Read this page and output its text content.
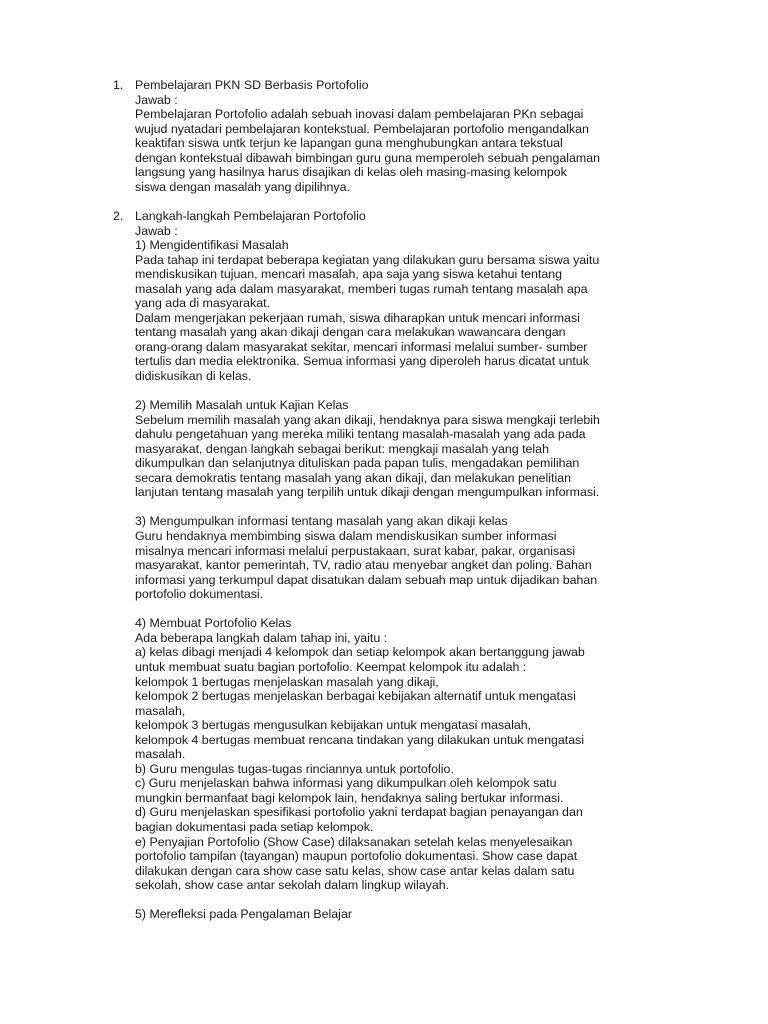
1. Pembelajaran PKN SD Berbasis Portofolio
Jawab :
Pembelajaran Portofolio adalah sebuah inovasi dalam pembelajaran PKn sebagai
wujud nyatadari pembelajaran kontekstual. Pembelajaran portofolio mengandalkan
keaktifan siswa untk terjun ke lapangan guna menghubungkan antara tekstual
dengan kontekstual dibawah bimbingan guru guna memperoleh sebuah pengalaman
langsung yang hasilnya harus disajikan di kelas oleh masing-masing kelompok
siswa dengan masalah yang dipilihnya.
2. Langkah-langkah Pembelajaran Portofolio
Jawab :
1) Mengidentifikasi Masalah
Pada tahap ini terdapat beberapa kegiatan yang dilakukan guru bersama siswa yaitu
mendiskusikan tujuan, mencari masalah, apa saja yang siswa ketahui tentang
masalah yang ada dalam masyarakat, memberi tugas rumah tentang masalah apa
yang ada di masyarakat.
Dalam mengerjakan pekerjaan rumah, siswa diharapkan untuk mencari informasi
tentang masalah yang akan dikaji dengan cara melakukan wawancara dengan
orang-orang dalam masyarakat sekitar, mencari informasi melalui sumber- sumber
tertulis dan media elektronika. Semua informasi yang diperoleh harus dicatat untuk
didiskusikan di kelas.
2) Memilih Masalah untuk Kajian Kelas
Sebelum memilih masalah yang akan dikaji, hendaknya para siswa mengkaji terlebih
dahulu pengetahuan yang mereka miliki tentang masalah-masalah yang ada pada
masyarakat, dengan langkah sebagai berikut: mengkaji masalah yang telah
dikumpulkan dan selanjutnya dituliskan pada papan tulis, mengadakan pemilihan
secara demokratis tentang masalah yang akan dikaji, dan melakukan penelitian
lanjutan tentang masalah yang terpilih untuk dikaji dengan mengumpulkan informasi.
3) Mengumpulkan informasi tentang masalah yang akan dikaji kelas
Guru hendaknya membimbing siswa dalam mendiskusikan sumber informasi
misalnya mencari informasi melalui perpustakaan, surat kabar, pakar, organisasi
masyarakat, kantor pemerintah, TV, radio atau menyebar angket dan poling. Bahan
informasi yang terkumpul dapat disatukan dalam sebuah map untuk dijadikan bahan
portofolio dokumentasi.
4) Membuat Portofolio Kelas
Ada beberapa langkah dalam tahap ini, yaitu :
a) kelas dibagi menjadi 4 kelompok dan setiap kelompok akan bertanggung jawab
untuk membuat suatu bagian portofolio. Keempat kelompok itu adalah :
kelompok 1 bertugas menjelaskan masalah yang dikaji,
kelompok 2 bertugas menjelaskan berbagai kebijakan alternatif untuk mengatasi
masalah,
kelompok 3 bertugas mengusulkan kebijakan untuk mengatasi masalah,
kelompok 4 bertugas membuat rencana tindakan yang dilakukan untuk mengatasi
masalah.
b) Guru mengulas tugas-tugas rinciannya untuk portofolio.
c) Guru menjelaskan bahwa informasi yang dikumpulkan oleh kelompok satu
mungkin bermanfaat bagi kelompok lain, hendaknya saling bertukar informasi.
d) Guru menjelaskan spesifikasi portofolio yakni terdapat bagian penayangan dan
bagian dokumentasi pada setiap kelompok.
e) Penyajian Portofolio (Show Case) dilaksanakan setelah kelas menyelesaikan
portofolio tampilan (tayangan) maupun portofolio dokumentasi. Show case dapat
dilakukan dengan cara show case satu kelas, show case antar kelas dalam satu
sekolah, show case antar sekolah dalam lingkup wilayah.
5) Merefleksi pada Pengalaman Belajar
